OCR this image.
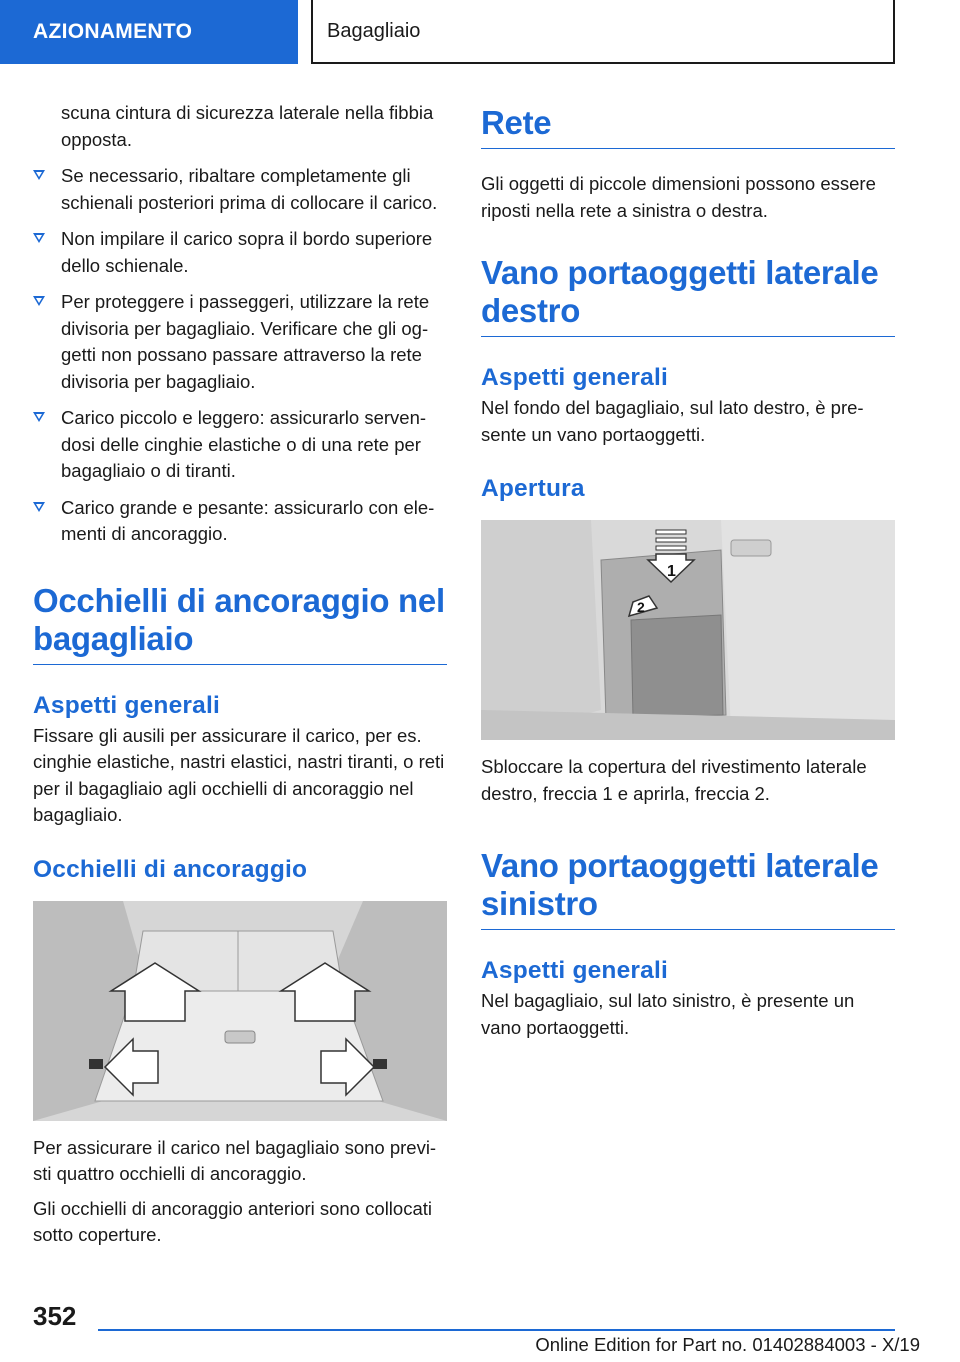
AZIONAMENTO	Bagagliaio

scuna cintura di sicurezza laterale nella fibbia opposta.

Se necessario, ribaltare completamente gli schienali posteriori prima di collocare il carico.
Non impilare il carico sopra il bordo superiore dello schienale.
Per proteggere i passeggeri, utilizzare la rete divisoria per bagagliaio. Verificare che gli og-getti non possano passare attraverso la rete divisoria per bagagliaio.
Carico piccolo e leggero: assicurarlo serven-dosi delle cinghie elastiche o di una rete per bagagliaio o di tiranti.
Carico grande e pesante: assicurarlo con ele-menti di ancoraggio.
Occhielli di ancoraggio nel bagagliaio
Aspetti generali

Fissare gli ausili per assicurare il carico, per es. cinghie elastiche, nastri elastici, nastri tiranti, o reti per il bagagliaio agli occhielli di ancoraggio nel bagagliaio.

Occhielli di ancoraggio

Per assicurare il carico nel bagagliaio sono previ-sti quattro occhielli di ancoraggio.

Gli occhielli di ancoraggio anteriori sono collocati sotto coperture.

Rete

Gli oggetti di piccole dimensioni possono essere riposti nella rete a sinistra o destra.

Vano portaoggetti laterale destro
Aspetti generali

Nel fondo del bagagliaio, sul lato destro, è pre-sente un vano portaoggetti.

Apertura
1
2

Sbloccare la copertura del rivestimento laterale destro, freccia 1 e aprirla, freccia 2.

Vano portaoggetti laterale sinistro
Aspetti generali

Nel bagagliaio, sul lato sinistro, è presente un vano portaoggetti.

352
Online Edition for Part no. 01402884003 - X/19
